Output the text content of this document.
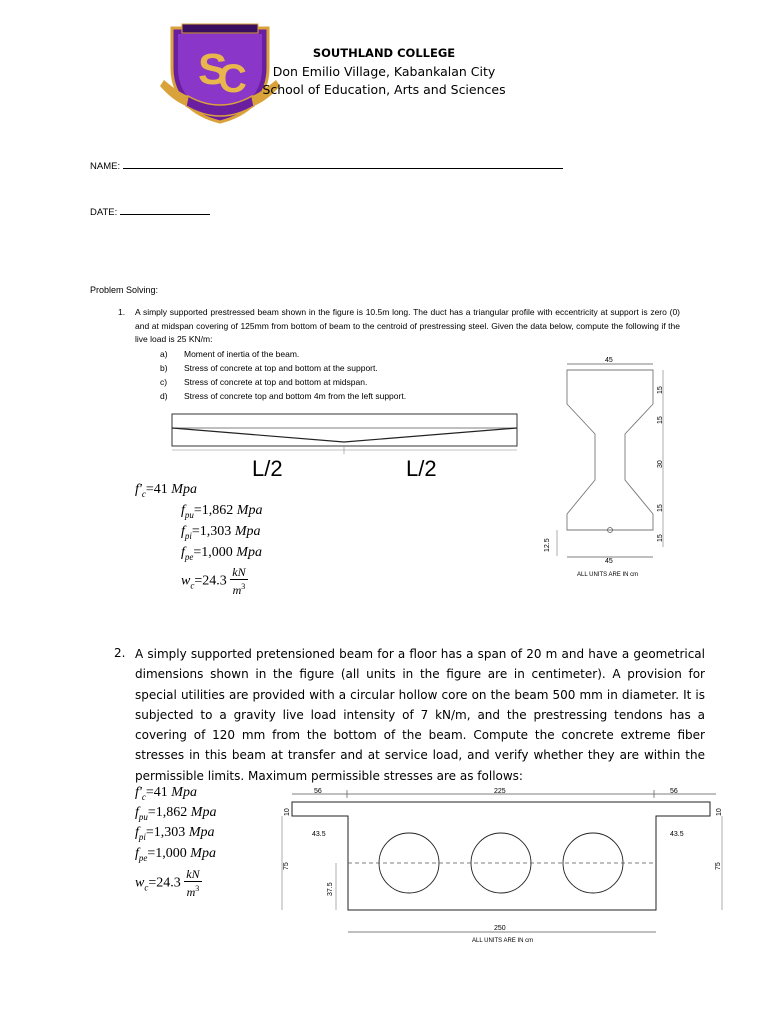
S
C
SOUTHLAND COLLEGE
Don Emilio Village, Kabankalan City
School of Education, Arts and Sciences
NAME:
DATE:
Problem Solving:
1. A simply supported prestressed beam shown in the figure is 10.5m long. The duct has a triangular profile with eccentricity at support is zero (0) and at midspan covering of 125mm from bottom of beam to the centroid of prestressing steel. Given the data below, compute the following if the live load is 25 KN/m:
a) Moment of inertia of the beam.
b) Stress of concrete at top and bottom at the support.
c) Stress of concrete at top and bottom at midspan.
d) Stress of concrete top and bottom 4m from the left support.
L/2	L/2
45
15
15
30
15
15
12.5
45
ALL UNITS ARE IN cm
$f'_c=41$ Mpa
$f_{pu}=1,862$ Mpa
$f_{pi}=1,303$ Mpa
$f_{pe}=1,000$ Mpa
$w_c=24.3 \frac{kN}{m^3}$
2. A simply supported pretensioned beam for a floor has a span of 20 m and have a geometrical dimensions shown in the figure (all units in the figure are in centimeter). A provision for special utilities are provided with a circular hollow core on the beam 500 mm in diameter. It is subjected to a gravity live load intensity of 7 kN/m, and the prestressing tendons has a covering of 120 mm from the bottom of the beam. Compute the concrete extreme fiber stresses in this beam at transfer and at service load, and verify whether they are within the permissible limits. Maximum permissible stresses are as follows:
$f'_c=41$ Mpa
$f_{pu}=1,862$ Mpa
$f_{pi}=1,303$ Mpa
$f_{pe}=1,000$ Mpa
$w_c=24.3 \frac{kN}{m^3}$
56	225	56
43.5	43.5
10	10
75	75
37.5
250
ALL UNITS ARE IN cm
